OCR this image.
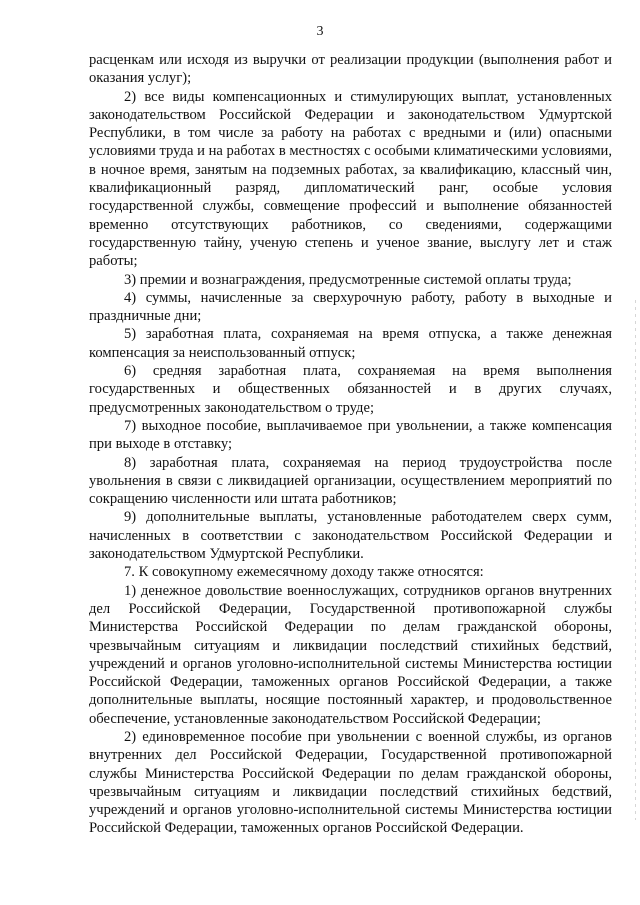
3

расценкам или исходя из выручки от реализации продукции (выполнения работ и оказания услуг);

2) все виды компенсационных и стимулирующих выплат, установленных законодательством Российской Федерации и законодательством Удмуртской Республики, в том числе за работу на работах с вредными и (или) опасными условиями труда и на работах в местностях с особыми климатическими условиями, в ночное время, занятым на подземных работах, за квалификацию, классный чин, квалификационный разряд, дипломатический ранг, особые условия государственной службы, совмещение профессий и выполнение обязанностей временно отсутствующих работников, со сведениями, содержащими государственную тайну, ученую степень и ученое звание, выслугу лет и стаж работы;

3) премии и вознаграждения, предусмотренные системой оплаты труда;

4) суммы, начисленные за сверхурочную работу, работу в выходные и праздничные дни;

5) заработная плата, сохраняемая на время отпуска, а также денежная компенсация за неиспользованный отпуск;

6) средняя заработная плата, сохраняемая на время выполнения государственных и общественных обязанностей и в других случаях, предусмотренных законодательством о труде;

7) выходное пособие, выплачиваемое при увольнении, а также компенсация при выходе в отставку;

8) заработная плата, сохраняемая на период трудоустройства после увольнения в связи с ликвидацией организации, осуществлением мероприятий по сокращению численности или штата работников;

9) дополнительные выплаты, установленные работодателем сверх сумм, начисленных в соответствии с законодательством Российской Федерации и законодательством Удмуртской Республики.

7. К совокупному ежемесячному доходу также относятся:

1) денежное довольствие военнослужащих, сотрудников органов внутренних дел Российской Федерации, Государственной противопожарной службы Министерства Российской Федерации по делам гражданской обороны, чрезвычайным ситуациям и ликвидации последствий стихийных бедствий, учреждений и органов уголовно-исполнительной системы Министерства юстиции Российской Федерации, таможенных органов Российской Федерации, а также дополнительные выплаты, носящие постоянный характер, и продовольственное обеспечение, установленные законодательством Российской Федерации;

2) единовременное пособие при увольнении с военной службы, из органов внутренних дел Российской Федерации, Государственной противопожарной службы Министерства Российской Федерации по делам гражданской обороны, чрезвычайным ситуациям и ликвидации последствий стихийных бедствий, учреждений и органов уголовно-исполнительной системы Министерства юстиции Российской Федерации, таможенных органов Российской Федерации.
